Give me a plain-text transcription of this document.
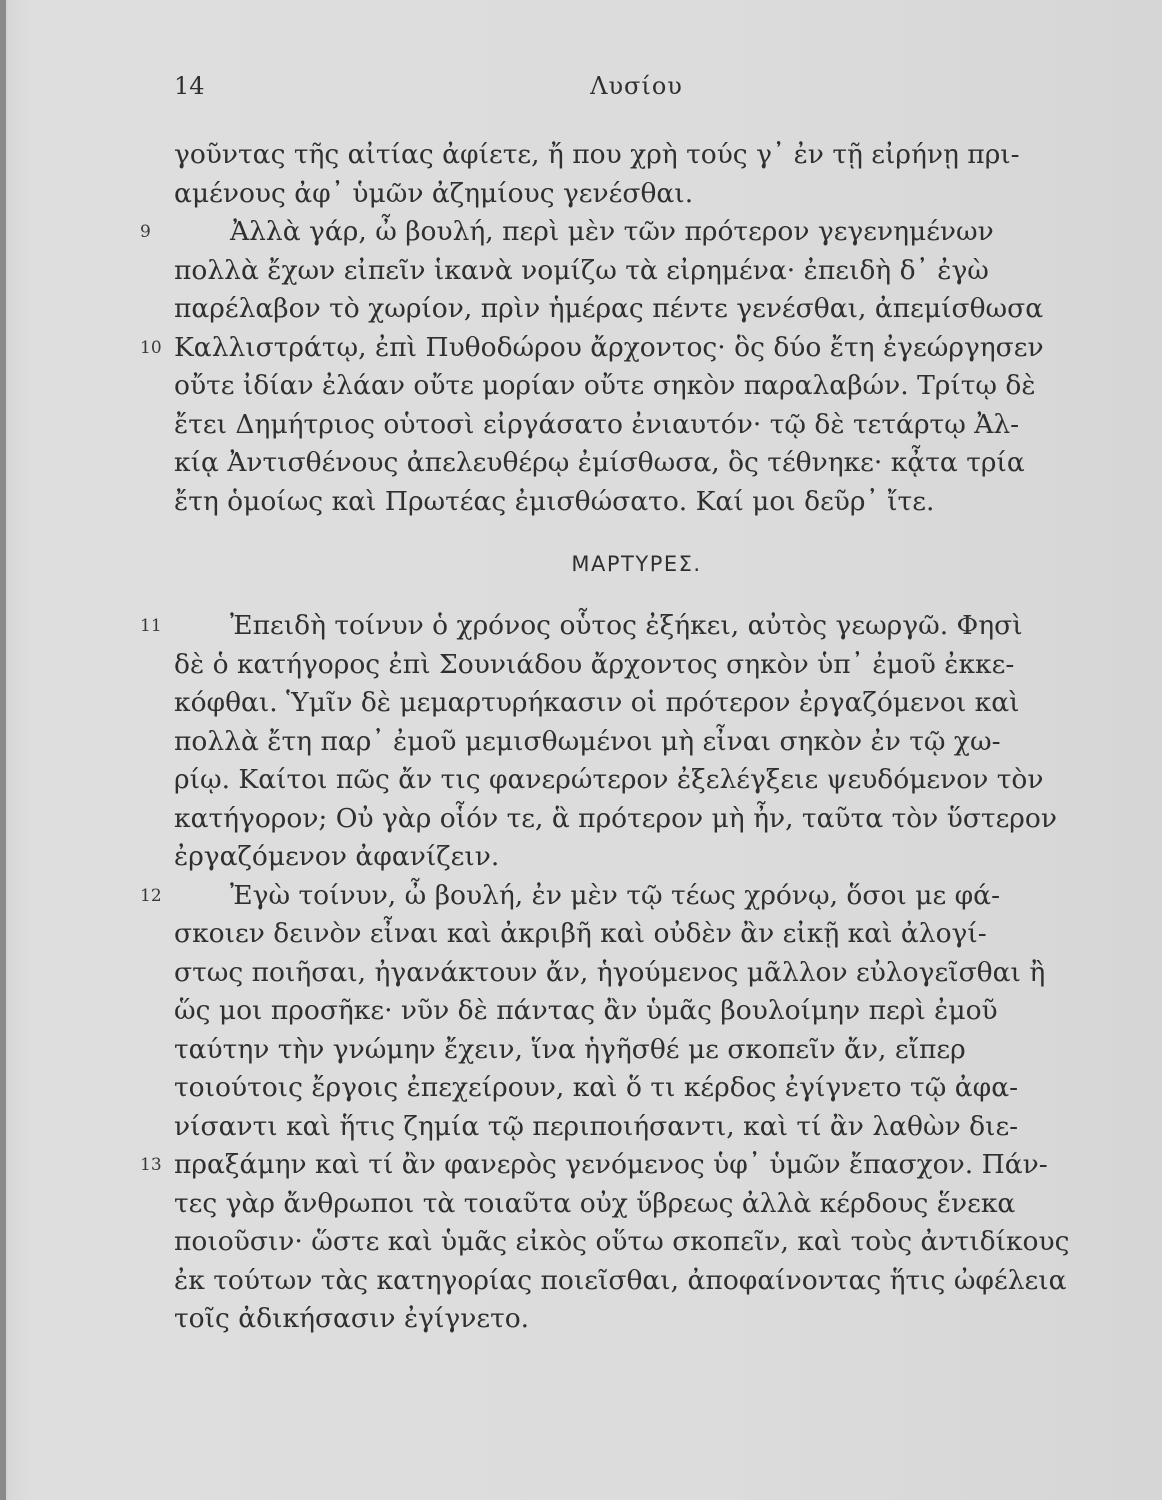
Λυσίου
14
γοῦντας τῆς αἰτίας ἀφίετε, ἤ που χρὴ τούς γ᾽ ἐν τῇ εἰρήνῃ πρι-
αμένους ἀφ᾽ ὑμῶν ἀζημίους γενέσθαι.
9
10
Ἀλλὰ γάρ, ὦ βουλή, περὶ μὲν τῶν πρότερον γεγενημένων
πολλὰ ἔχων εἰπεῖν ἱκανὰ νομίζω τὰ εἰρημένα· ἐπειδὴ δ᾽ ἐγὼ
παρέλαβον τὸ χωρίον, πρὶν ἡμέρας πέντε γενέσθαι, ἀπεμίσθωσα
Καλλιστράτῳ, ἐπὶ Πυθοδώρου ἄρχοντος· ὃς δύο ἔτη ἐγεώργησεν
οὔτε ἰδίαν ἐλάαν οὔτε μορίαν οὔτε σηκὸν παραλαβών. Τρίτῳ δὲ
ἔτει Δημήτριος οὑτοσὶ εἰργάσατο ἐνιαυτόν· τῷ δὲ τετάρτῳ Ἀλ-
κίᾳ Ἀντισθένους ἀπελευθέρῳ ἐμίσθωσα, ὃς τέθνηκε· κᾆτα τρία
ἔτη ὁμοίως καὶ Πρωτέας ἐμισθώσατο. Καί μοι δεῦρ᾽ ἴτε.
ΜΑΡΤΥΡΕΣ.
11	Ἐπειδὴ τοίνυν ὁ χρόνος οὗτος ἐξήκει, αὐτὸς γεωργῶ. Φησὶ
δὲ ὁ κατήγορος ἐπὶ Σουνιάδου ἄρχοντος σηκὸν ὑπ᾽ ἐμοῦ ἐκκε-
κόφθαι. Ὑμῖν δὲ μεμαρτυρήκασιν οἱ πρότερον ἐργαζόμενοι καὶ
πολλὰ ἔτη παρ᾽ ἐμοῦ μεμισθωμένοι μὴ εἶναι σηκὸν ἐν τῷ χω-
ρίῳ. Καίτοι πῶς ἄν τις φανερώτερον ἐξελέγξειε ψευδόμενον τὸν
κατήγορον; Οὐ γὰρ οἷόν τε, ἃ πρότερον μὴ ἦν, ταῦτα τὸν ὕστερον
ἐργαζόμενον ἀφανίζειν.
12
13
Ἐγὼ τοίνυν, ὦ βουλή, ἐν μὲν τῷ τέως χρόνῳ, ὅσοι με φά-
σκοιεν δεινὸν εἶναι καὶ ἀκριβῆ καὶ οὐδὲν ἂν εἰκῇ καὶ ἀλογί-
στως ποιῆσαι, ἠγανάκτουν ἄν, ἡγούμενος μᾶλλον εὐλογεῖσθαι ἢ
ὥς μοι προσῆκε· νῦν δὲ πάντας ἂν ὑμᾶς βουλοίμην περὶ ἐμοῦ
ταύτην τὴν γνώμην ἔχειν, ἵνα ἡγῆσθέ με σκοπεῖν ἄν, εἴπερ
τοιούτοις ἔργοις ἐπεχείρουν, καὶ ὅ τι κέρδος ἐγίγνετο τῷ ἀφα-
νίσαντι καὶ ἥτις ζημία τῷ περιποιήσαντι, καὶ τί ἂν λαθὼν διε-
πραξάμην καὶ τί ἂν φανερὸς γενόμενος ὑφ᾽ ὑμῶν ἔπασχον. Πάν-
τες γὰρ ἄνθρωποι τὰ τοιαῦτα οὐχ ὕβρεως ἀλλὰ κέρδους ἕνεκα
ποιοῦσιν· ὥστε καὶ ὑμᾶς εἰκὸς οὕτω σκοπεῖν, καὶ τοὺς ἀντιδίκους
ἐκ τούτων τὰς κατηγορίας ποιεῖσθαι, ἀποφαίνοντας ἥτις ὠφέλεια
τοῖς ἀδικήσασιν ἐγίγνετο.
